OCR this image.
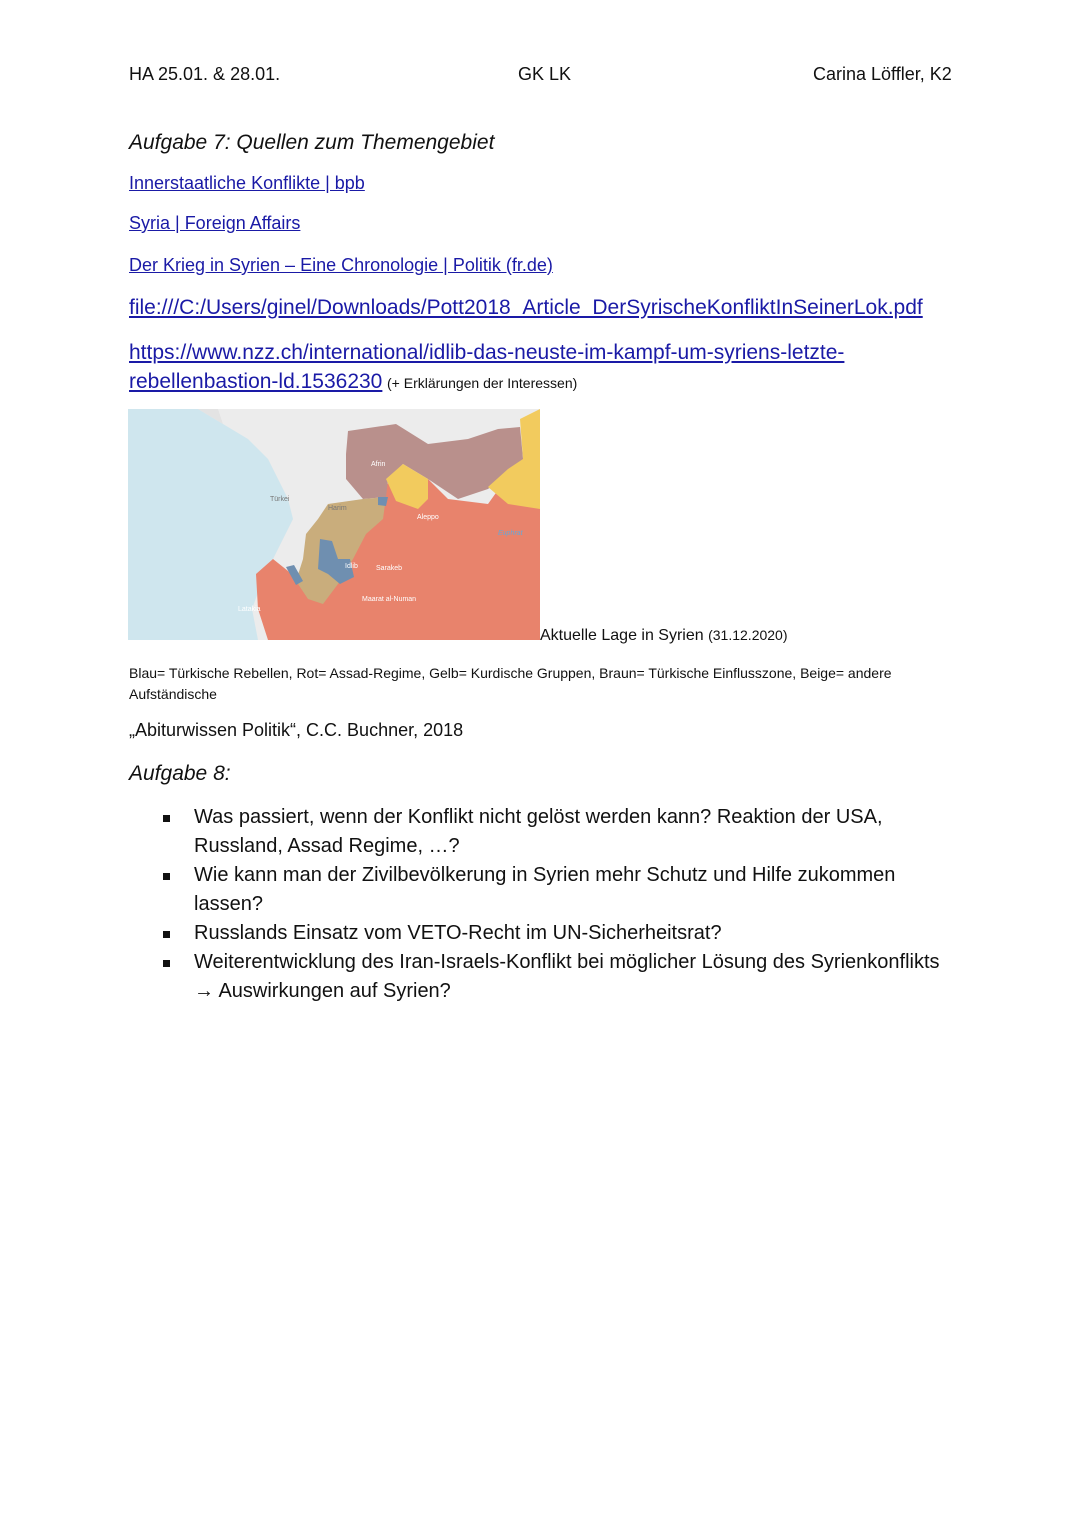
HA 25.01. & 28.01.	GK LK	Carina Löffler, K2
Aufgabe 7: Quellen zum Themengebiet
Innerstaatliche Konflikte | bpb
Syria | Foreign Affairs
Der Krieg in Syrien – Eine Chronologie | Politik (fr.de)
file:///C:/Users/ginel/Downloads/Pott2018_Article_DerSyrischeKonfliktInSeinerLok.pdf
https://www.nzz.ch/international/idlib-das-neuste-im-kampf-um-syriens-letzte-
rebellenbastion-ld.1536230 (+ Erklärungen der Interessen)
Afrin
Türkei
Harim
Aleppo
Euphrat
Idlib	Sarakeb
Maarat al-Numan
Latakia
Aktuelle Lage in Syrien (31.12.2020)
Blau= Türkische Rebellen, Rot= Assad-Regime, Gelb= Kurdische Gruppen, Braun= Türkische Einflusszone, Beige= andere
Aufständische
„Abiturwissen Politik“, C.C. Buchner, 2018
Aufgabe 8:
Was passiert, wenn der Konflikt nicht gelöst werden kann? Reaktion der USA, Russland, Assad Regime, …?
Wie kann man der Zivilbevölkerung in Syrien mehr Schutz und Hilfe zukommen lassen?
Russlands Einsatz vom VETO-Recht im UN-Sicherheitsrat?
Weiterentwicklung des Iran-Israels-Konflikt bei möglicher Lösung des Syrienkonflikts → Auswirkungen auf Syrien?
